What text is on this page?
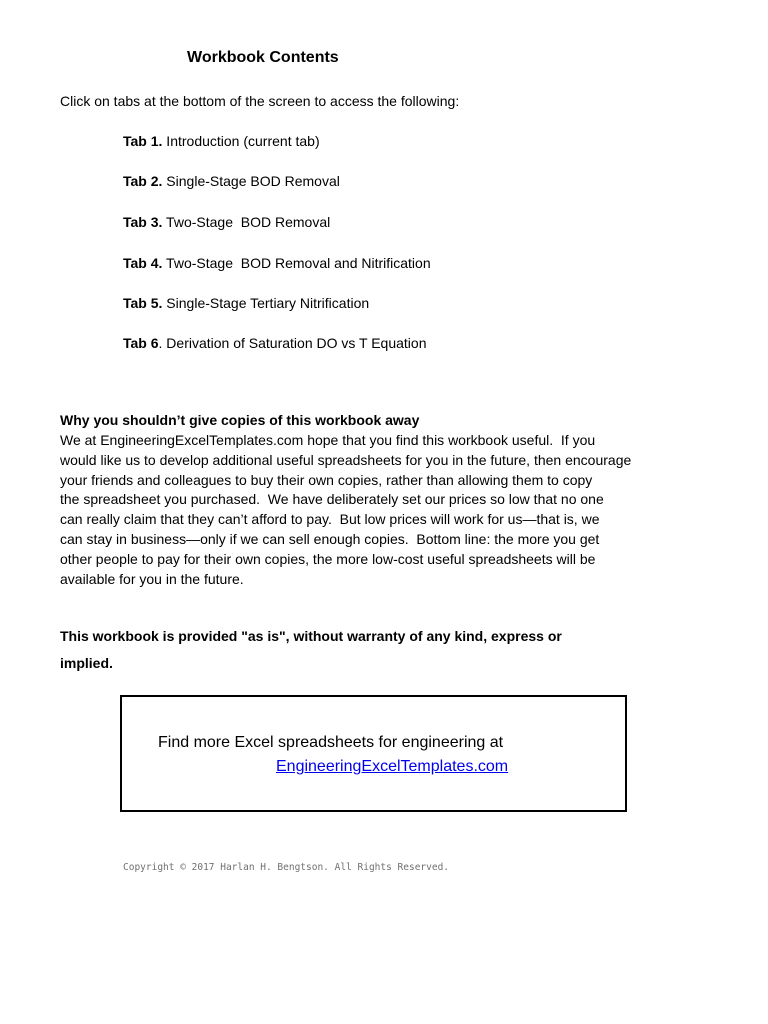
Workbook Contents
Click on tabs at the bottom of the screen to access the following:
Tab 1. Introduction (current tab)
Tab 2. Single-Stage BOD Removal
Tab 3. Two-Stage  BOD Removal
Tab 4. Two-Stage  BOD Removal and Nitrification
Tab 5. Single-Stage Tertiary Nitrification
Tab 6. Derivation of Saturation DO vs T Equation
Why you shouldn’t give copies of this workbook away
We at EngineeringExcelTemplates.com hope that you find this workbook useful.  If you
would like us to develop additional useful spreadsheets for you in the future, then encourage
your friends and colleagues to buy their own copies, rather than allowing them to copy
the spreadsheet you purchased.  We have deliberately set our prices so low that no one
can really claim that they can’t afford to pay.  But low prices will work for us—that is, we
can stay in business—only if we can sell enough copies.  Bottom line: the more you get
other people to pay for their own copies, the more low-cost useful spreadsheets will be
available for you in the future.
This workbook is provided "as is", without warranty of any kind, express or
implied.
Find more Excel spreadsheets for engineering at
EngineeringExcelTemplates.com
Copyright © 2017 Harlan H. Bengtson. All Rights Reserved.
